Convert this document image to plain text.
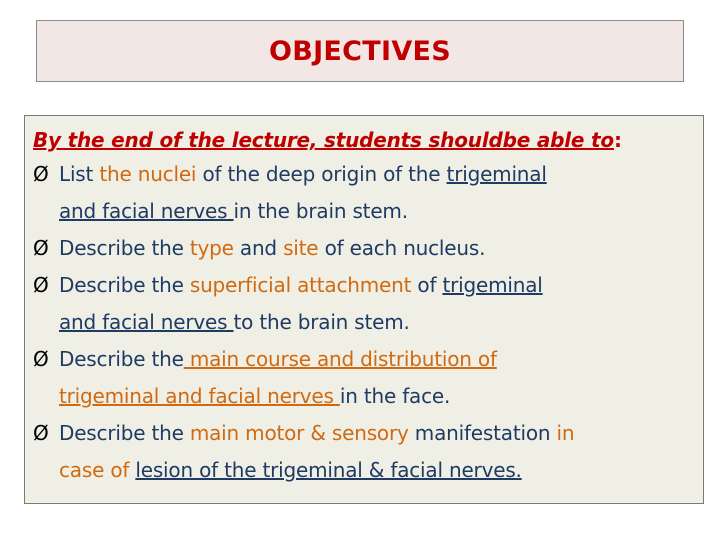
OBJECTIVES
By the end of the lecture, students shouldbe able to:
Ø List the nuclei of the deep origin of the trigeminal
and facial nerves in the brain stem.
Ø Describe the type and site of each nucleus.
Ø Describe the superficial attachment of trigeminal
and facial nerves to the brain stem.
Ø Describe the main course and distribution of
trigeminal and facial nerves in the face.
Ø Describe the main motor & sensory manifestation in
case of lesion of the trigeminal & facial nerves.
